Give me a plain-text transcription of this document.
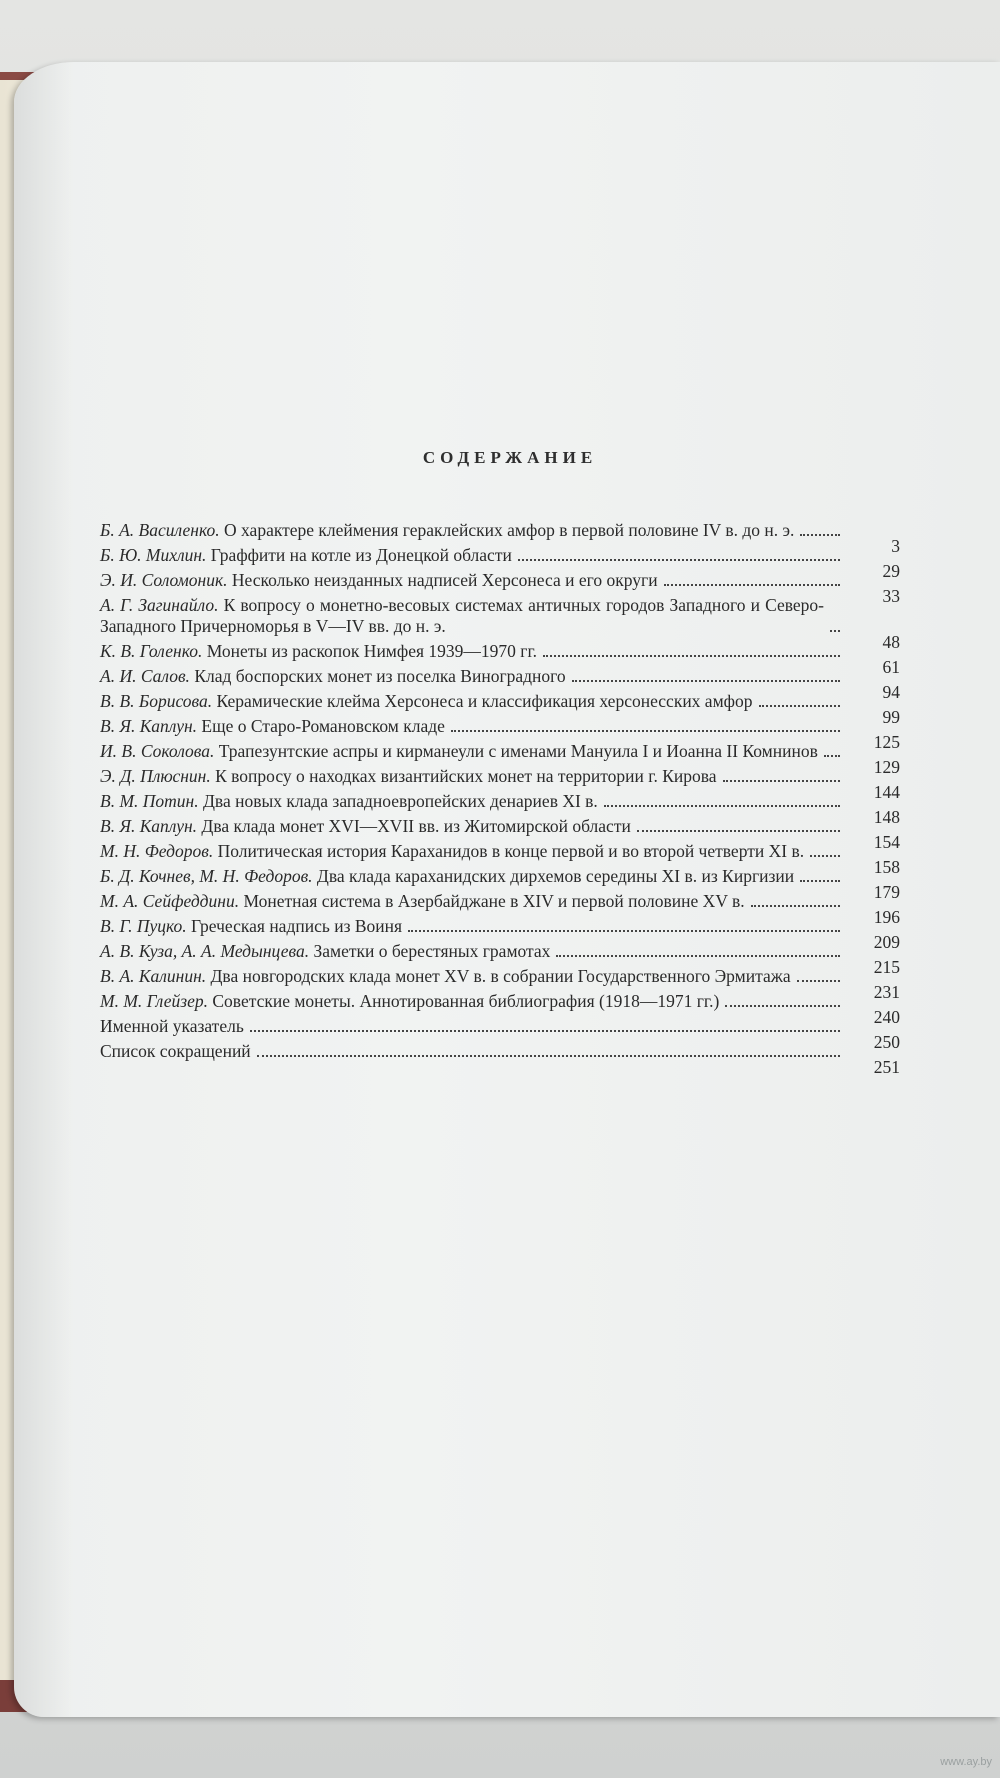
СОДЕРЖАНИЕ
Б. А. Василенко. О характере клеймения гераклейских амфор в первой половине IV в. до н. э.
3
Б. Ю. Михлин. Граффити на котле из Донецкой области
29
Э. И. Соломоник. Несколько неизданных надписей Херсонеса и его округи
33
А. Г. Загинайло. К вопросу о монетно-весовых системах античных городов Западного и Северо-Западного Причерноморья в V—IV вв. до н. э.
48
К. В. Голенко. Монеты из раскопок Нимфея 1939—1970 гг.
61
А. И. Салов. Клад боспорских монет из поселка Виноградного
94
В. В. Борисова. Керамические клейма Херсонеса и классификация херсонесских амфор
99
В. Я. Каплун. Еще о Старо-Романовском кладе
125
И. В. Соколова. Трапезунтские аспры и кирманеули с именами Мануила I и Иоанна II Комнинов
129
Э. Д. Плюснин. К вопросу о находках византийских монет на территории г. Кирова
144
В. М. Потин. Два новых клада западноевропейских денариев XI в.
148
В. Я. Каплун. Два клада монет XVI—XVII вв. из Житомирской области
154
М. Н. Федоров. Политическая история Караханидов в конце первой и во второй четверти XI в.
158
Б. Д. Кочнев, М. Н. Федоров. Два клада караханидских дирхемов середины XI в. из Киргизии
179
М. А. Сейфеддини. Монетная система в Азербайджане в XIV и первой половине XV в.
196
В. Г. Пуцко. Греческая надпись из Воиня
209
А. В. Куза, А. А. Медынцева. Заметки о берестяных грамотах
215
В. А. Калинин. Два новгородских клада монет XV в. в собрании Государственного Эрмитажа
231
М. М. Глейзер. Советские монеты. Аннотированная библиография (1918—1971 гг.)
240
Именной указатель
250
Список сокращений
251
www.ay.by
